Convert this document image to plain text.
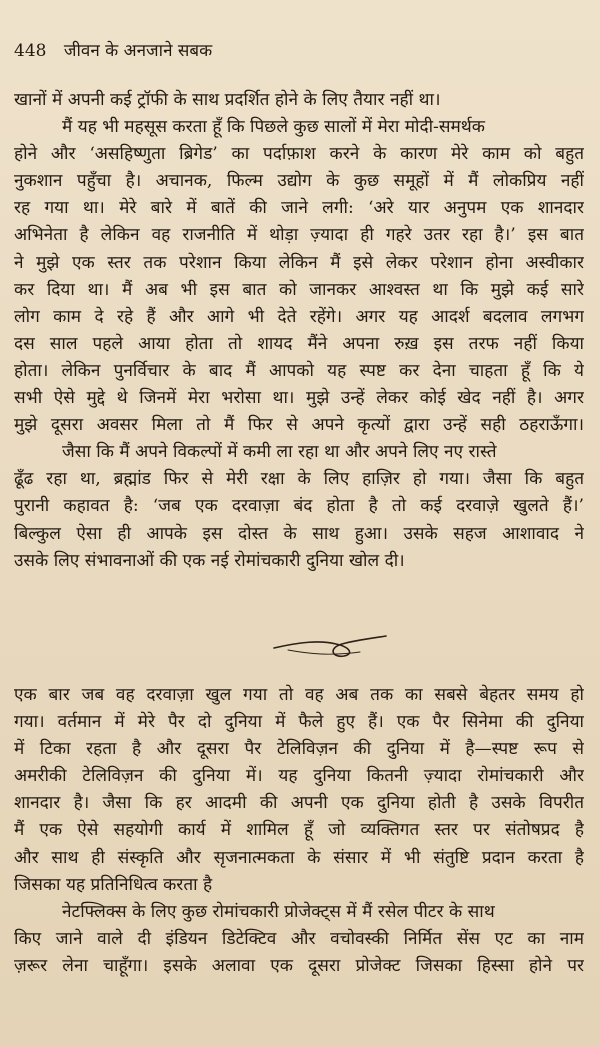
448 जीवन के अनजाने सबक
खानों में अपनी कई ट्रॉफी के साथ प्रदर्शित होने के लिए तैयार नहीं था।
मैं यह भी महसूस करता हूँ कि पिछले कुछ सालों में मेरा मोदी-समर्थक
होने और ‘असहिष्णुता ब्रिगेड’ का पर्दाफ़ाश करने के कारण मेरे काम को बहुत
नुकशान पहुँचा है। अचानक, फिल्म उद्योग के कुछ समूहों में मैं लोकप्रिय नहीं
रह गया था। मेरे बारे में बातें की जाने लगी: ‘अरे यार अनुपम एक शानदार
अभिनेता है लेकिन वह राजनीति में थोड़ा ज़्यादा ही गहरे उतर रहा है।’ इस बात
ने मुझे एक स्तर तक परेशान किया लेकिन मैं इसे लेकर परेशान होना अस्वीकार
कर दिया था। मैं अब भी इस बात को जानकर आश्वस्त था कि मुझे कई सारे
लोग काम दे रहे हैं और आगे भी देते रहेंगे। अगर यह आदर्श बदलाव लगभग
दस साल पहले आया होता तो शायद मैंने अपना रुख़ इस तरफ नहीं किया
होता। लेकिन पुनर्विचार के बाद मैं आपको यह स्पष्ट कर देना चाहता हूँ कि ये
सभी ऐसे मुद्दे थे जिनमें मेरा भरोसा था। मुझे उन्हें लेकर कोई खेद नहीं है। अगर
मुझे दूसरा अवसर मिला तो मैं फिर से अपने कृत्यों द्वारा उन्हें सही ठहराऊँगा।
जैसा कि मैं अपने विकल्पों में कमी ला रहा था और अपने लिए नए रास्ते
ढूँढ रहा था, ब्रह्मांड फिर से मेरी रक्षा के लिए हाज़िर हो गया। जैसा कि बहुत
पुरानी कहावत है: ‘जब एक दरवाज़ा बंद होता है तो कई दरवाज़े खुलते हैं।’
बिल्कुल ऐसा ही आपके इस दोस्त के साथ हुआ। उसके सहज आशावाद ने
उसके लिए संभावनाओं की एक नई रोमांचकारी दुनिया खोल दी।
एक बार जब वह दरवाज़ा खुल गया तो वह अब तक का सबसे बेहतर समय हो
गया। वर्तमान में मेरे पैर दो दुनिया में फैले हुए हैं। एक पैर सिनेमा की दुनिया
में टिका रहता है और दूसरा पैर टेलिविज़न की दुनिया में है—स्पष्ट रूप से
अमरीकी टेलिविज़न की दुनिया में। यह दुनिया कितनी ज़्यादा रोमांचकारी और
शानदार है। जैसा कि हर आदमी की अपनी एक दुनिया होती है उसके विपरीत
मैं एक ऐसे सहयोगी कार्य में शामिल हूँ जो व्यक्तिगत स्तर पर संतोषप्रद है
और साथ ही संस्कृति और सृजनात्मकता के संसार में भी संतुष्टि प्रदान करता है
जिसका यह प्रतिनिधित्व करता है
नेटफ्लिक्स के लिए कुछ रोमांचकारी प्रोजेक्ट्स में मैं रसेल पीटर के साथ
किए जाने वाले दी इंडियन डिटेक्टिव और वचोवस्की निर्मित सेंस एट का नाम
ज़रूर लेना चाहूँगा। इसके अलावा एक दूसरा प्रोजेक्ट जिसका हिस्सा होने पर
